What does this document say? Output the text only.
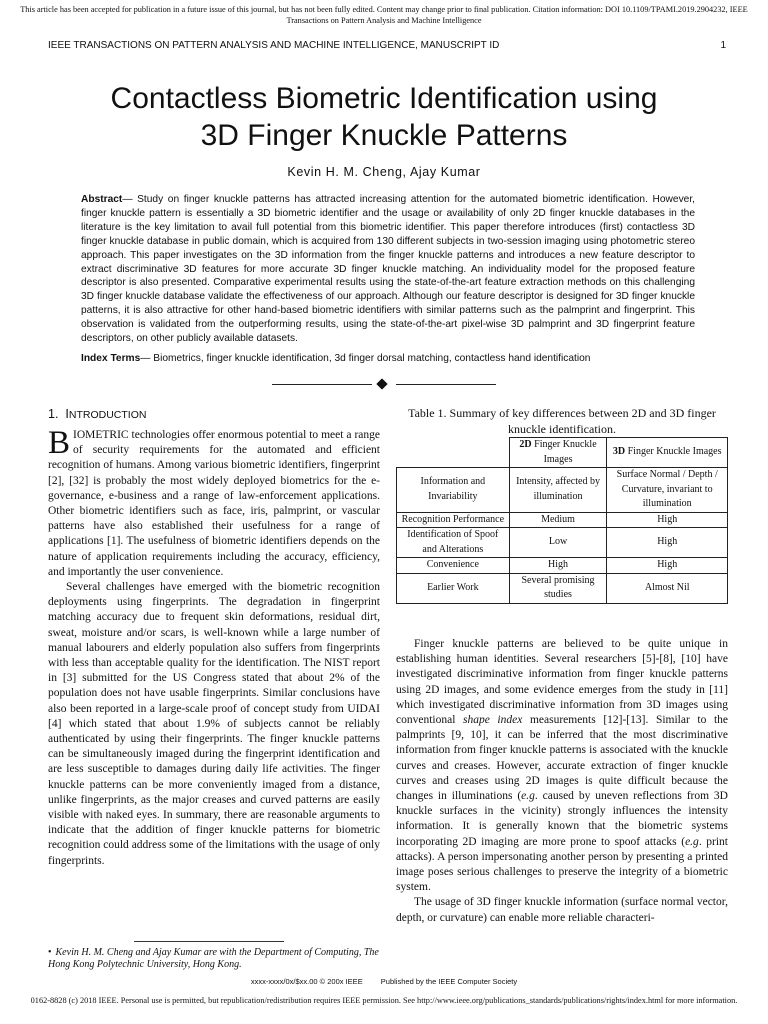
This article has been accepted for publication in a future issue of this journal, but has not been fully edited. Content may change prior to final publication. Citation information: DOI 10.1109/TPAMI.2019.2904232, IEEE Transactions on Pattern Analysis and Machine Intelligence
IEEE TRANSACTIONS ON PATTERN ANALYSIS AND MACHINE INTELLIGENCE, MANUSCRIPT ID	1
Contactless Biometric Identification using
3D Finger Knuckle Patterns
Kevin H. M. Cheng, Ajay Kumar
Abstract— Study on finger knuckle patterns has attracted increasing attention for the automated biometric identification. However, finger knuckle pattern is essentially a 3D biometric identifier and the usage or availability of only 2D finger knuckle databases in the literature is the key limitation to avail full potential from this biometric identifier. This paper therefore introduces (first) contactless 3D finger knuckle database in public domain, which is acquired from 130 different subjects in two-session imaging using photometric stereo approach. This paper investigates on the 3D information from the finger knuckle patterns and introduces a new feature descriptor to extract discriminative 3D features for more accurate 3D finger knuckle matching. An individuality model for the proposed feature descriptor is also presented. Comparative experimental results using the state-of-the-art feature extraction methods on this challenging 3D finger knuckle database validate the effectiveness of our approach. Although our feature descriptor is designed for 3D finger knuckle patterns, it is also attractive for other hand-based biometric identifiers with similar patterns such as the palmprint and fingerprint. This observation is validated from the outperforming results, using the state-of-the-art pixel-wise 3D palmprint and 3D fingerprint feature descriptors, on other publicly available datasets.
Index Terms— Biometrics, finger knuckle identification, 3d finger dorsal matching, contactless hand identification
1. INTRODUCTION

BIOMETRIC technologies offer enormous potential to meet a range of security requirements for the automated and efficient recognition of humans. Among various biometric identifiers, fingerprint [2], [32] is probably the most widely deployed biometrics for the e-governance, e-business and a range of law-enforcement applications. Other biometric identifiers such as face, iris, palmprint, or vascular patterns have also established their usefulness for a range of applications [1]. The usefulness of biometric identifiers depends on the nature of application requirements including the accuracy, efficiency, and importantly the user convenience.

Several challenges have emerged with the biometric recognition deployments using fingerprints. The degradation in fingerprint matching accuracy due to frequent skin deformations, residual dirt, sweat, moisture and/or scars, is well-known while a large number of manual labourers and elderly population also suffers from fingerprints with less than acceptable quality for the identification. The NIST report in [3] submitted for the US Congress stated that about 2% of the population does not have usable fingerprints. Similar conclusions have also been reported in a large-scale proof of concept study from UIDAI [4] which stated that about 1.9% of subjects cannot be reliably authenticated by using their fingerprints. The finger knuckle patterns can be simultaneously imaged during the fingerprint identification and are less susceptible to damages during daily life activities. The finger knuckle patterns can be more conveniently imaged from a distance, unlike fingerprints, as the major creases and curved patterns are easily visible with naked eyes. In summary, there are reasonable arguments to indicate that the addition of finger knuckle patterns for biometric recognition could address some of the limitations with the usage of only fingerprints.

• Kevin H. M. Cheng and Ajay Kumar are with the Department of Computing, The Hong Kong Polytechnic University, Hong Kong.
xxxx-xxxx/0x/$xx.00 © 200x IEEE Published by the IEEE Computer Society
0162-8828 (c) 2018 IEEE. Personal use is permitted, but republication/redistribution requires IEEE permission. See http://www.ieee.org/publications_standards/publications/rights/index.html for more information.
Table 1. Summary of key differences between 2D and 3D finger knuckle identification.
	2D Finger Knuckle Images	3D Finger Knuckle Images
Information and Invariability	Intensity, affected by illumination	Surface Normal / Depth / Curvature, invariant to illumination
Recognition Performance	Medium	High
Identification of Spoof and Alterations	Low	High
Convenience	High	High
Earlier Work	Several promising studies	Almost Nil

Finger knuckle patterns are believed to be quite unique in establishing human identities. Several researchers [5]-[8], [10] have investigated discriminative information from finger knuckle patterns using 2D images, and some evidence emerges from the study in [11] which investigated discriminative information from 3D images using conventional shape index measurements [12]-[13]. Similar to the palmprints [9, 10], it can be inferred that the most discriminative information from finger knuckle patterns is associated with the knuckle curves and creases. However, accurate extraction of finger knuckle curves and creases using 2D images is quite difficult because the changes in illuminations (e.g. caused by uneven reflections from 3D knuckle surfaces in the vicinity) strongly influences the intensity information. It is generally known that the biometric systems incorporating 2D imaging are more prone to spoof attacks (e.g. print attacks). A person impersonating another person by presenting a printed image poses serious challenges to preserve the integrity of a biometric system.

The usage of 3D finger knuckle information (surface normal vector, depth, or curvature) can enable more reliable characteri-
